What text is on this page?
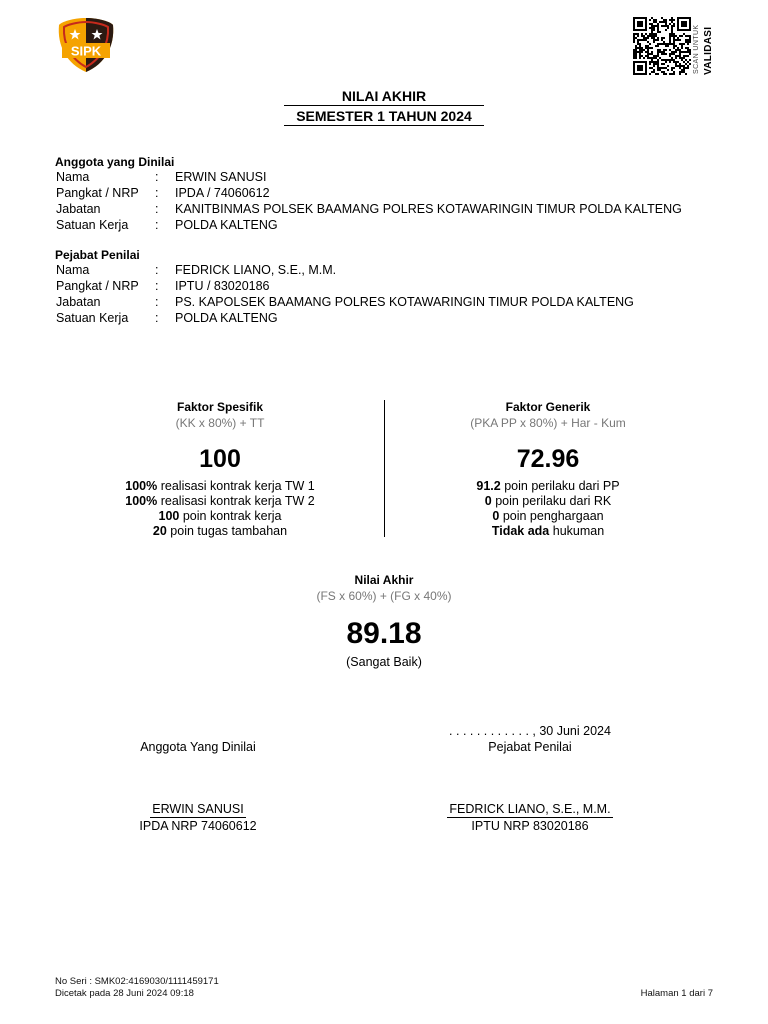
SIPK	SCAN UNTUK VALIDASI
NILAI AKHIR
SEMESTER 1 TAHUN 2024
Anggota yang Dinilai
Nama	: ERWIN SANUSI
Pangkat / NRP : IPDA / 74060612
Jabatan	: KANITBINMAS POLSEK BAAMANG POLRES KOTAWARINGIN TIMUR POLDA KALTENG
Satuan Kerja : POLDA KALTENG
Pejabat Penilai
Nama	: FEDRICK LIANO, S.E., M.M.
Pangkat / NRP : IPTU / 83020186
Jabatan	: PS. KAPOLSEK BAAMANG POLRES KOTAWARINGIN TIMUR POLDA KALTENG
Satuan Kerja : POLDA KALTENG
Faktor Spesifik
(KK x 80%) + TT
100
100% realisasi kontrak kerja TW 1
100% realisasi kontrak kerja TW 2
100 poin kontrak kerja
20 poin tugas tambahan
Faktor Generik
(PKA PP x 80%) + Har - Kum
72.96
91.2 poin perilaku dari PP
0 poin perilaku dari RK
0 poin penghargaan
Tidak ada hukuman
Nilai Akhir
(FS x 60%) + (FG x 40%)
89.18
(Sangat Baik)
. . . . . . . . . . . . , 30 Juni 2024
Anggota Yang Dinilai	Pejabat Penilai
ERWIN SANUSI	FEDRICK LIANO, S.E., M.M.
IPDA NRP 74060612	IPTU NRP 83020186
No Seri : SMK02:4169030/1111459171
Dicetak pada 28 Juni 2024 09:18	Halaman 1 dari 7
